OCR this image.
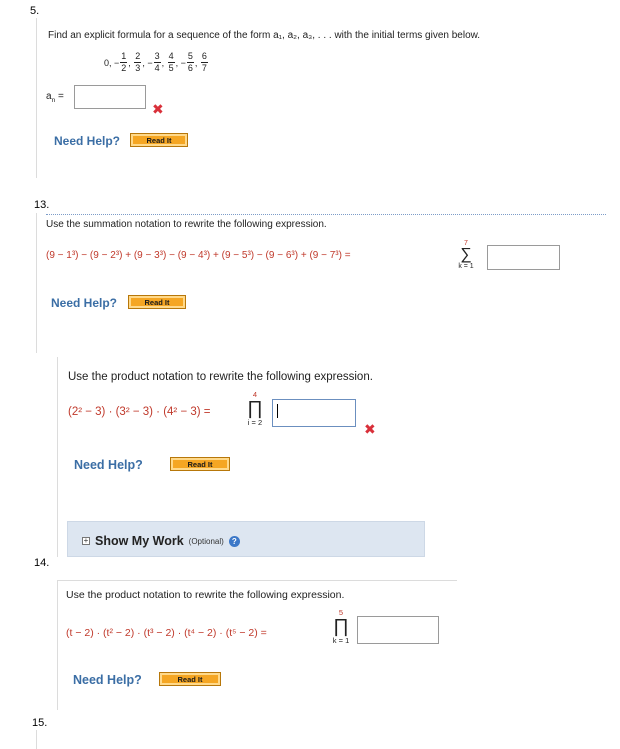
5.
Find an explicit formula for a sequence of the form a₁, a₂, a₃, . . . with the initial terms given below.
0, − $\frac{1}{2}$ , $\frac{2}{3}$ , − $\frac{3}{4}$ , $\frac{4}{5}$ , − $\frac{5}{6}$ , $\frac{6}{7}$
$a_n$ =
✖
Need Help?	Read It
13.
Use the summation notation to rewrite the following expression.
(9 − 1³) − (9 − 2³) + (9 − 3³) − (9 − 4³) + (9 − 5³) − (9 − 6³) + (9 − 7³) =
7
∑
k = 1
Need Help?	Read It
Use the product notation to rewrite the following expression.
(2² − 3) · (3² − 3) · (4² − 3) =
4
∏
i = 2	✖
Need Help?	Read It
+ Show My Work (Optional)	?
14.
Use the product notation to rewrite the following expression.
(t − 2) · (t² − 2) · (t³ − 2) · (t⁴ − 2) · (t⁵ − 2) =
5
∏
k = 1
Need Help?	Read It
15.
